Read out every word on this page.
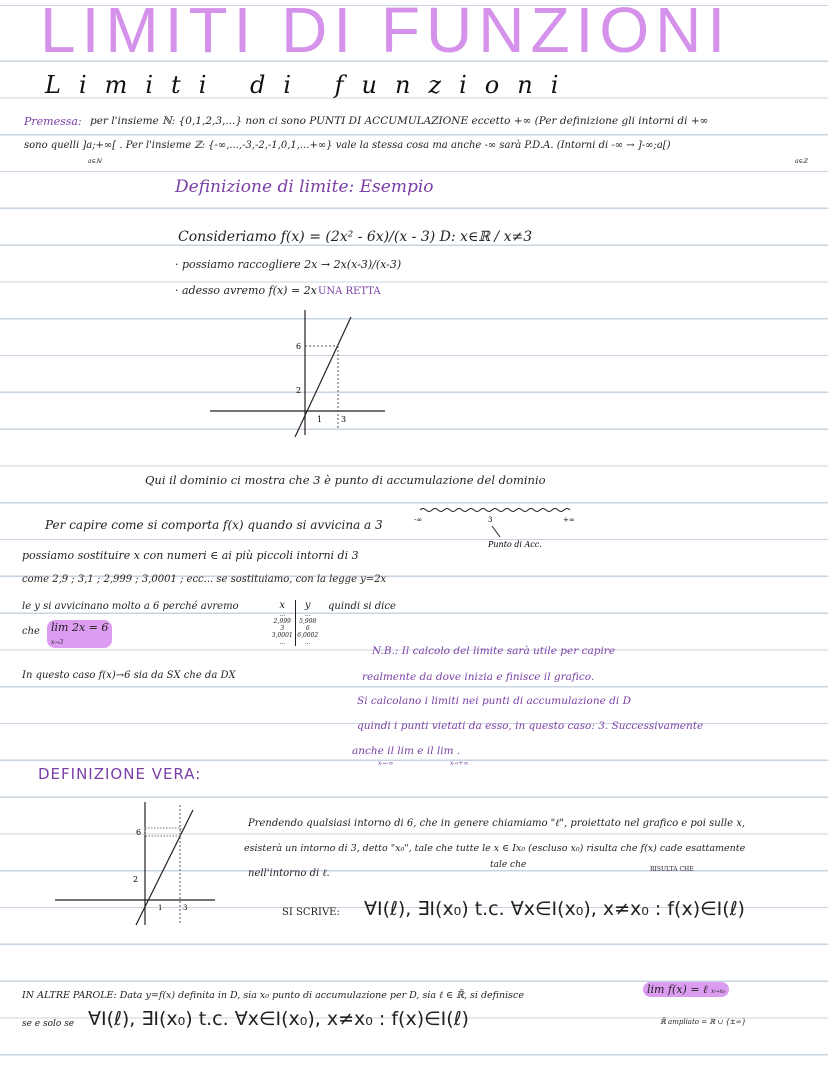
LIMITI DI FUNZIONI
Limiti di funzioni
Premessa: per l'insieme ℕ: {0,1,2,3,...} non ci sono PUNTI DI ACCUMULAZIONE eccetto +∞ (Per definizione gli intorni di +∞
sono quelli ]a;+∞[ . Per l'insieme ℤ: {-∞,...,-3,-2,-1,0,1,...+∞} vale la stessa cosa ma anche -∞ sarà P.D.A. (Intorni di -∞ → ]-∞;a[)
a∈ℕ	a∈ℤ
Definizione di limite: Esempio
Consideriamo f(x) = (2x² - 6x)/(x - 3) D: x∈ℝ / x≠3
· possiamo raccogliere 2x → 2x(x-3)/(x-3)
· adesso avremo f(x) = 2x UNA RETTA
6
2
1 3
Qui il dominio ci mostra che 3 è punto di accumulazione del dominio
-∞	3	+∞
Punto di Acc.
Per capire come si comporta f(x) quando si avvicina a 3
possiamo sostituire x con numeri ∈ ai più piccoli intorni di 3
come 2,9 ; 3,1 ; 2,999 ; 3,0001 ; ecc... se sostituiamo, con la legge y=2x
le y si avvicinano molto a 6 perché avremo
che
quindi si dice
lim 2x = 6
x→3
In questo caso f(x)→6 sia da SX che da DX
x	y
...	...
2,999	5,998
3	6
3,0001 6,0002
...	...
N.B.: Il calcolo del limite sarà utile per capire
realmente da dove inizia e finisce il grafico.
Si calcolano i limiti nei punti di accumulazione di D
quindi i punti vietati da esso, in questo caso: 3. Successivamente
anche il lim e il lim .
x→-∞	x→+∞
DEFINIZIONE VERA:
6
2
1	3
Prendendo qualsiasi intorno di 6, che in genere chiamiamo "ℓ", proiettato nel grafico e poi sulle x,
esisterà un intorno di 3, detto "x₀", tale che tutte le x ∈ Ix₀ (escluso x₀) risulta che f(x) cade esattamente
nell'intorno di ℓ.
tale che	RISULTA CHE
SI SCRIVE: ∀I(ℓ), ∃I(x₀) t.c. ∀x∈I(x₀), x≠x₀ : f(x)∈I(ℓ)
IN ALTRE PAROLE: Data y=f(x) definita in D, sia x₀ punto di accumulazione per D, sia ℓ ∈ ℝ̃, si definisce	lim f(x) = ℓ x→x₀
se e solo se ∀I(ℓ), ∃I(x₀) t.c. ∀x∈I(x₀), x≠x₀ : f(x)∈I(ℓ)	ℝ̃ ampliato = ℝ ∪ {±∞}
